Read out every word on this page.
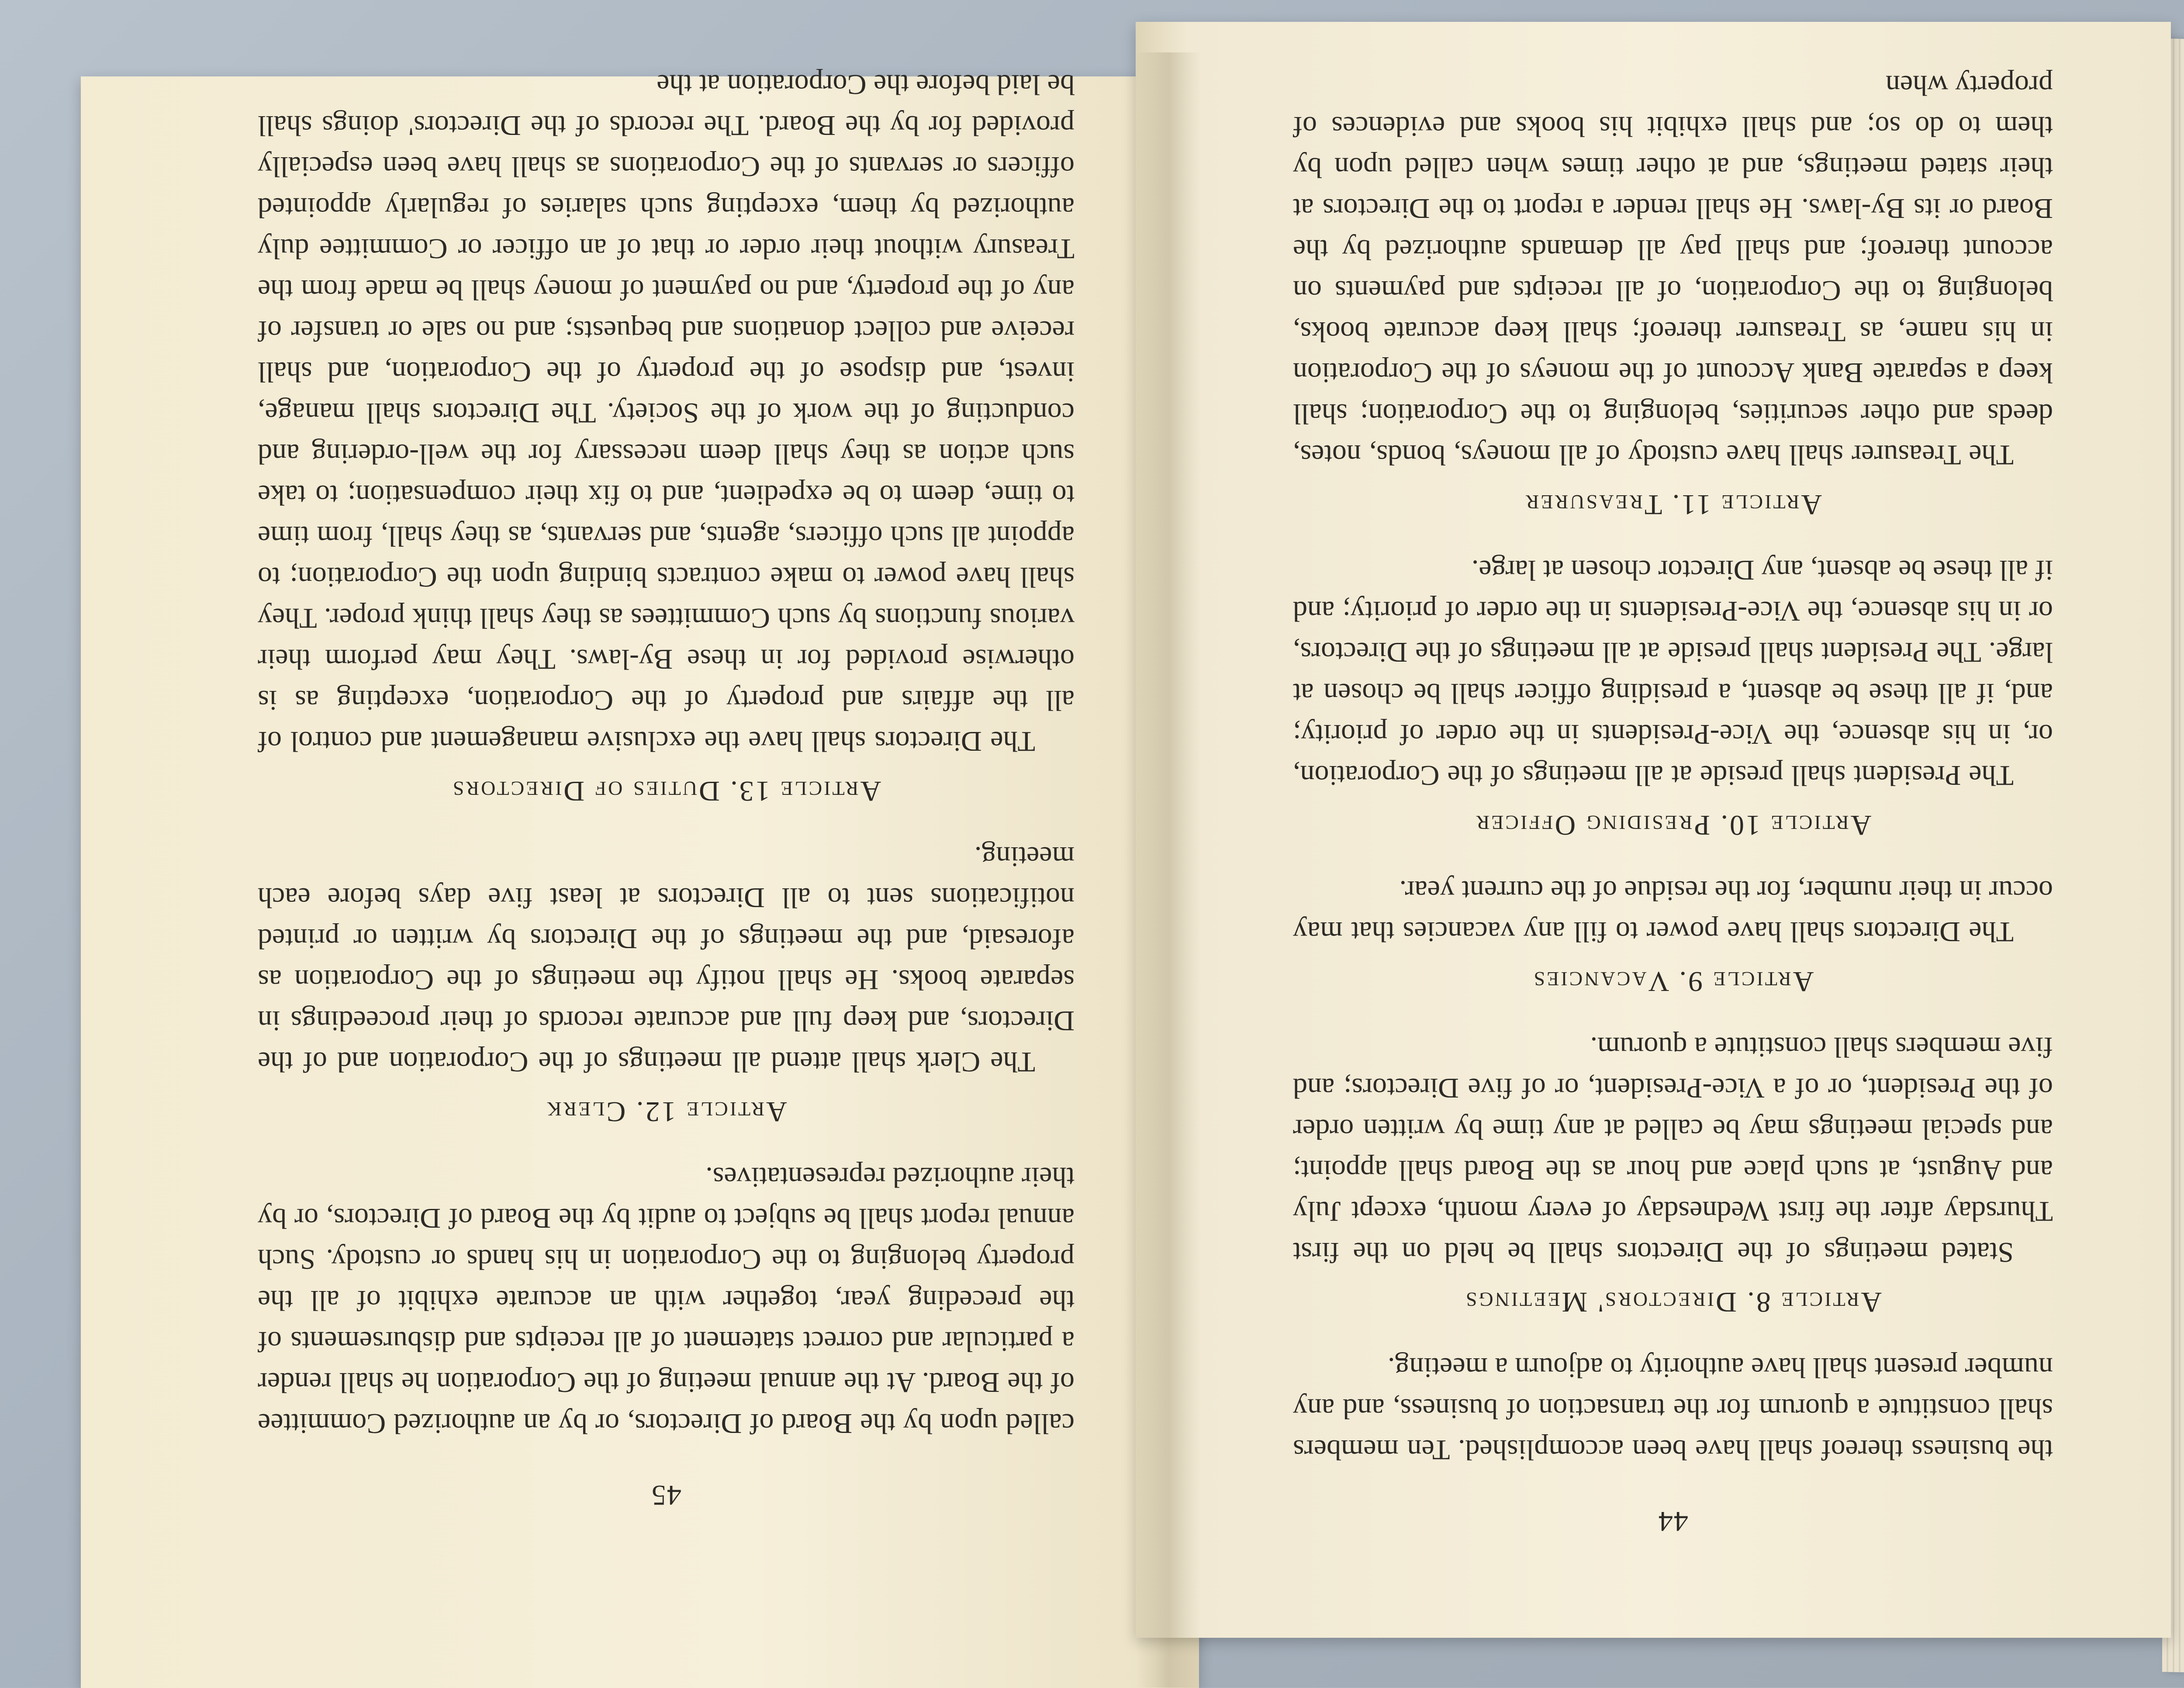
45

called upon by the Board of Directors, or by an authorized Committee of the Board. At the annual meeting of the Corporation he shall render a particular and correct statement of all receipts and disbursements of the preceding year, together with an accurate exhibit of all the property belonging to the Corporation in his hands or custody. Such annual report shall be subject to audit by the Board of Directors, or by their authorized representatives.

Article 12. Clerk

The Clerk shall attend all meetings of the Corporation and of the Directors, and keep full and accurate records of their proceedings in separate books. He shall notify the meetings of the Corporation as aforesaid, and the meetings of the Directors by written or printed notifications sent to all Directors at least five days before each meeting.

Article 13. Duties of Directors

The Directors shall have the exclusive management and control of all the affairs and property of the Corporation, excepting as is otherwise provided for in these By-laws. They may perform their various functions by such Committees as they shall think proper. They shall have power to make contracts binding upon the Corporation; to appoint all such officers, agents, and servants, as they shall, from time to time, deem to be expedient, and to fix their compensation; to take such action as they shall deem necessary for the well-ordering and conducting of the work of the Society. The Directors shall manage, invest, and dispose of the property of the Corporation, and shall receive and collect donations and bequests; and no sale or transfer of any of the property, and no payment of money shall be made from the Treasury without their order or that of an officer or Committee duly authorized by them, excepting such salaries of regularly appointed officers or servants of the Corporations as shall have been especially provided for by the Board. The records of the Directors' doings shall be laid before the Corporation at the

44

the business thereof shall have been accomplished. Ten members shall constitute a quorum for the transaction of business, and any number present shall have authority to adjourn a meeting.

Article 8. Directors' Meetings

Stated meetings of the Directors shall be held on the first Thursday after the first Wednesday of every month, except July and August, at such place and hour as the Board shall appoint; and special meetings may be called at any time by written order of the President, or of a Vice-President, or of five Directors; and five members shall constitute a quorum.

Article 9. Vacancies

The Directors shall have power to fill any vacancies that may occur in their number, for the residue of the current year.

Article 10. Presiding Officer

The President shall preside at all meetings of the Corporation, or, in his absence, the Vice-Presidents in the order of priority; and, if all these be absent, a presiding officer shall be chosen at large. The President shall preside at all meetings of the Directors, or in his absence, the Vice-Presidents in the order of priority; and if all these be absent, any Director chosen at large.

Article 11. Treasurer

The Treasurer shall have custody of all moneys, bonds, notes, deeds and other securities, belonging to the Corporation; shall keep a separate Bank Account of the moneys of the Corporation in his name, as Treasurer thereof; shall keep accurate books, belonging to the Corporation, of all receipts and payments on account thereof; and shall pay all demands authorized by the Board or its By-laws. He shall render a report to the Directors at their stated meetings, and at other times when called upon by them to do so; and shall exhibit his books and evidences of property when
